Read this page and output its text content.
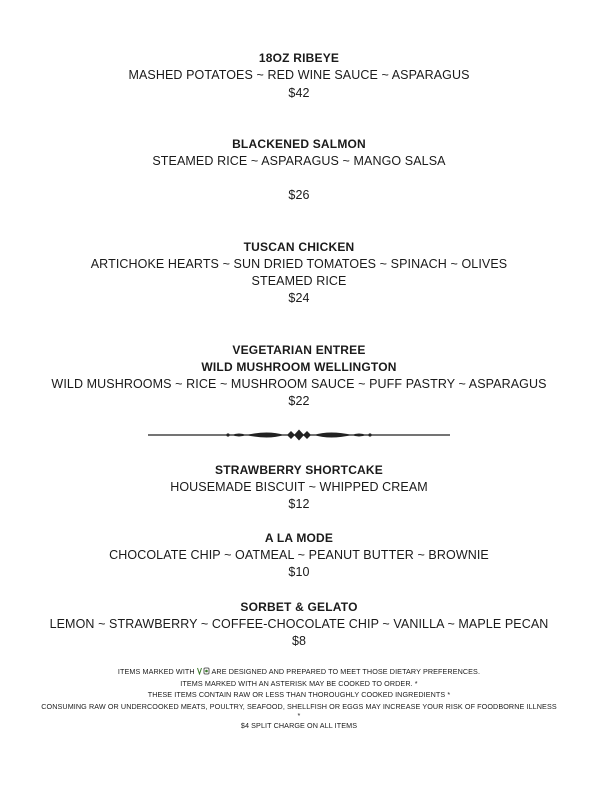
18OZ RIBEYE
MASHED POTATOES ~ RED WINE SAUCE ~ ASPARAGUS
$42
BLACKENED SALMON
STEAMED RICE ~ ASPARAGUS ~ MANGO SALSA
$26
TUSCAN CHICKEN
ARTICHOKE HEARTS ~ SUN DRIED TOMATOES ~ SPINACH ~ OLIVES
STEAMED RICE
$24
VEGETARIAN ENTREE
WILD MUSHROOM WELLINGTON
WILD MUSHROOMS ~ RICE ~ MUSHROOM SAUCE ~ PUFF PASTRY ~ ASPARAGUS
$22
STRAWBERRY SHORTCAKE
HOUSEMADE BISCUIT ~ WHIPPED CREAM
$12
A LA MODE
CHOCOLATE CHIP ~ OATMEAL ~ PEANUT BUTTER ~ BROWNIE
$10
SORBET & GELATO
LEMON ~ STRAWBERRY ~ COFFEE-CHOCOLATE CHIP ~ VANILLA ~ MAPLE PECAN
$8
ITEMS MARKED WITH ARE DESIGNED AND PREPARED TO MEET THOSE DIETARY PREFERENCES.
ITEMS MARKED WITH AN ASTERISK MAY BE COOKED TO ORDER. *
THESE ITEMS CONTAIN RAW OR LESS THAN THOROUGHLY COOKED INGREDIENTS *
CONSUMING RAW OR UNDERCOOKED MEATS, POULTRY, SEAFOOD, SHELLFISH OR EGGS MAY INCREASE YOUR RISK OF FOODBORNE ILLNESS
*
$4 SPLIT CHARGE ON ALL ITEMS
